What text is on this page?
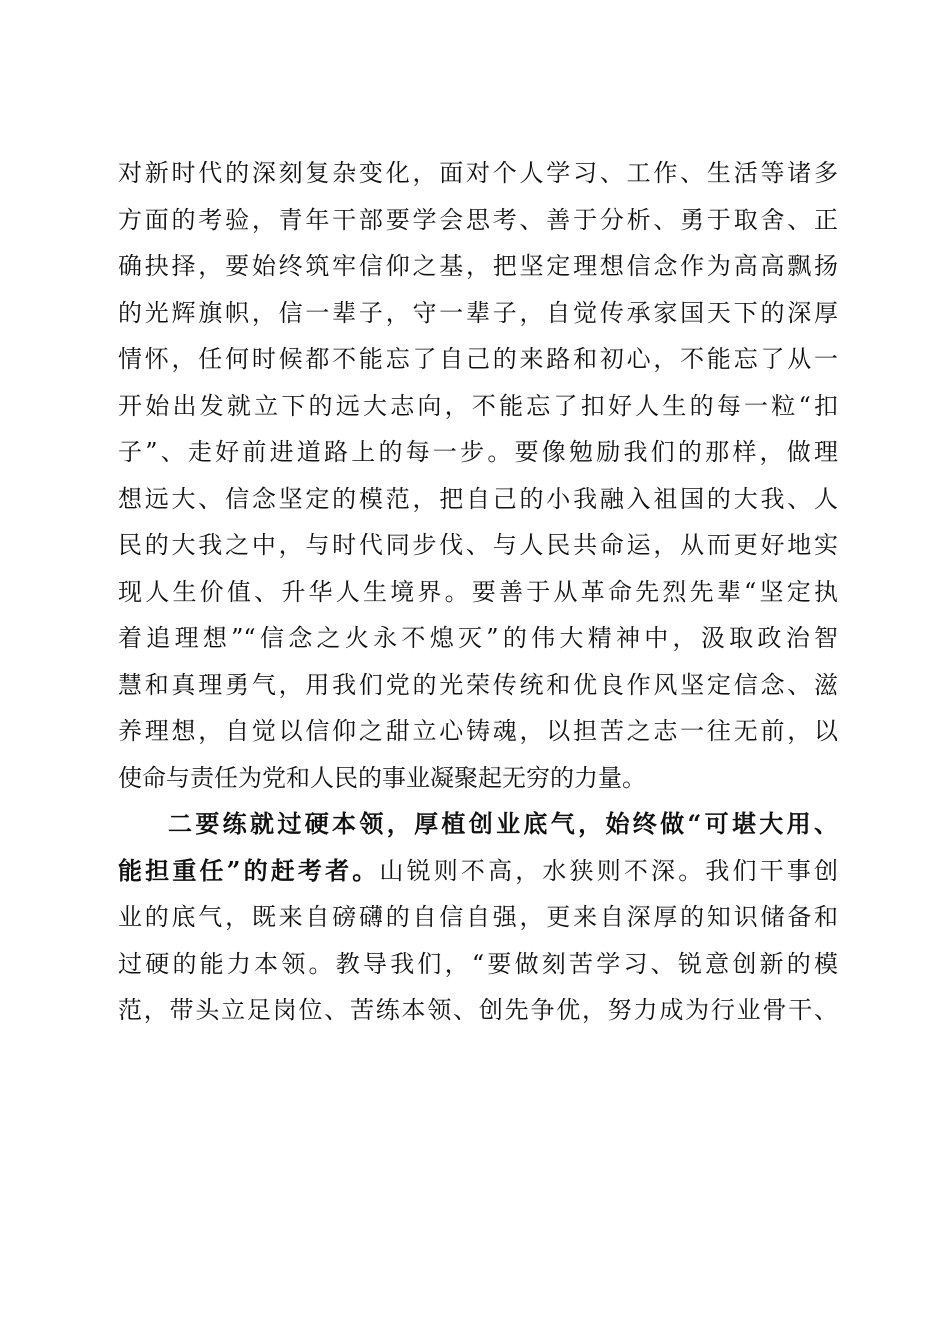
对新时代的深刻复杂变化，面对个人学习、工作、生活等诸多
方面的考验，青年干部要学会思考、善于分析、勇于取舍、正
确抉择，要始终筑牢信仰之基，把坚定理想信念作为高高飘扬
的光辉旗帜，信一辈子，守一辈子，自觉传承家国天下的深厚
情怀，任何时候都不能忘了自己的来路和初心，不能忘了从一
开始出发就立下的远大志向，不能忘了扣好人生的每一粒“扣
子”、走好前进道路上的每一步。要像勉励我们的那样，做理
想远大、信念坚定的模范，把自己的小我融入祖国的大我、人
民的大我之中，与时代同步伐、与人民共命运，从而更好地实
现人生价值、升华人生境界。要善于从革命先烈先辈“坚定执
着追理想”“信念之火永不熄灭”的伟大精神中，汲取政治智
慧和真理勇气，用我们党的光荣传统和优良作风坚定信念、滋
养理想，自觉以信仰之甜立心铸魂，以担苦之志一往无前，以
使命与责任为党和人民的事业凝聚起无穷的力量。
二要练就过硬本领，厚植创业底气，始终做“可堪大用、
能担重任”的赶考者。山锐则不高，水狭则不深。我们干事创
业的底气，既来自磅礴的自信自强，更来自深厚的知识储备和
过硬的能力本领。教导我们，“要做刻苦学习、锐意创新的模
范，带头立足岗位、苦练本领、创先争优，努力成为行业骨干、
